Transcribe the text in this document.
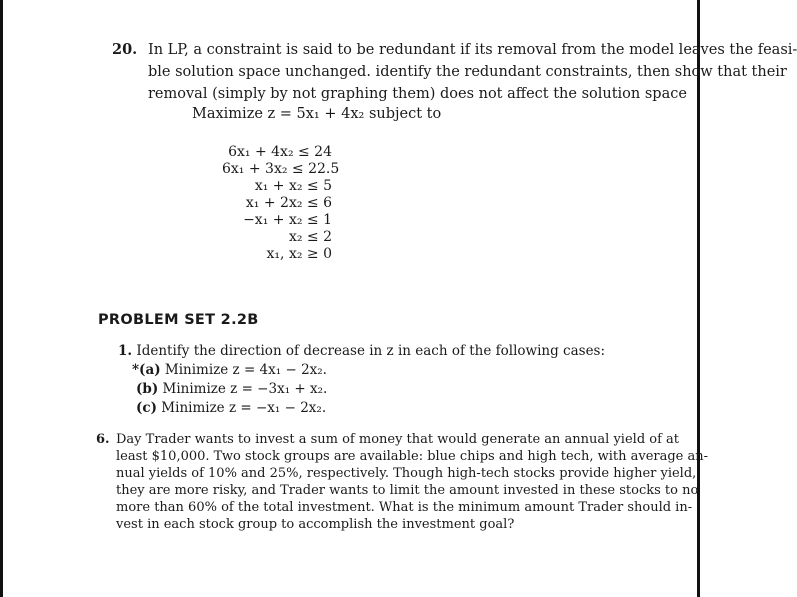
20. In LP, a constraint is said to be redundant if its removal from the model leaves the feasi-
ble solution space unchanged. identify the redundant constraints, then show that their
removal (simply by not graphing them) does not affect the solution space
Maximize z = 5x₁ + 4x₂ subject to
6x₁ + 4x₂ ≤ 24
6x₁ + 3x₂ ≤ 22.5
x₁ + x₂ ≤ 5
x₁ + 2x₂ ≤ 6
−x₁ + x₂ ≤ 1
x₂ ≤ 2
x₁, x₂ ≥ 0
PROBLEM SET 2.2B
1. Identify the direction of decrease in z in each of the following cases:
*(a) Minimize z = 4x₁ − 2x₂.
(b) Minimize z = −3x₁ + x₂.
(c) Minimize z = −x₁ − 2x₂.
6. Day Trader wants to invest a sum of money that would generate an annual yield of at
least $10,000. Two stock groups are available: blue chips and high tech, with average an-
nual yields of 10% and 25%, respectively. Though high-tech stocks provide higher yield,
they are more risky, and Trader wants to limit the amount invested in these stocks to no
more than 60% of the total investment. What is the minimum amount Trader should in-
vest in each stock group to accomplish the investment goal?
